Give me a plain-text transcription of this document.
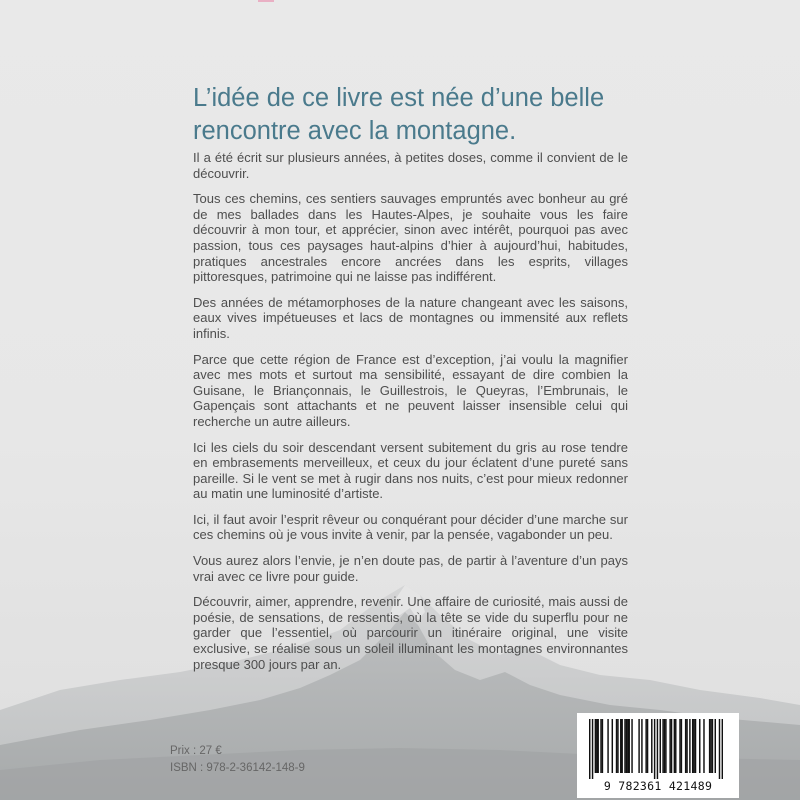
L’idée de ce livre est née d’une belle
rencontre avec la montagne.

Il a été écrit sur plusieurs années, à petites doses, comme il convient de le découvrir.

Tous ces chemins, ces sentiers sauvages empruntés avec bonheur au gré de mes ballades dans les Hautes-Alpes, je souhaite vous les faire découvrir à mon tour, et apprécier, sinon avec intérêt, pourquoi pas avec passion, tous ces paysages haut-alpins d’hier à aujourd’hui, habitudes, pratiques ancestrales encore ancrées dans les esprits, villages pittoresques, patrimoine qui ne laisse pas indifférent.

Des années de métamorphoses de la nature changeant avec les saisons, eaux vives impétueuses et lacs de montagnes ou immensité aux reflets infinis.

Parce que cette région de France est d’exception, j’ai voulu la magnifier avec mes mots et surtout ma sensibilité, essayant de dire combien la Guisane, le Briançonnais, le Guillestrois, le Queyras, l’Embrunais, le Gapençais sont attachants et ne peuvent laisser insensible celui qui recherche un autre ailleurs.

Ici les ciels du soir descendant versent subitement du gris au rose tendre en embrasements merveilleux, et ceux du jour éclatent d’une pureté sans pareille. Si le vent se met à rugir dans nos nuits, c’est pour mieux redonner au matin une luminosité d’artiste.

Ici, il faut avoir l’esprit rêveur ou conquérant pour décider d’une marche sur ces chemins où je vous invite à venir, par la pensée, vagabonder un peu.

Vous aurez alors l’envie, je n’en doute pas, de partir à l’aventure d’un pays vrai avec ce livre pour guide.

Découvrir, aimer, apprendre, revenir. Une affaire de curiosité, mais aussi de poésie, de sensations, de ressentis, où la tête se vide du superflu pour ne garder que l’essentiel, où parcourir un itinéraire original, une visite exclusive, se réalise sous un soleil illuminant les montagnes environnantes presque 300 jours par an.

Prix : 27 €
ISBN : 978-2-36142-148-9
9 782361 421489
